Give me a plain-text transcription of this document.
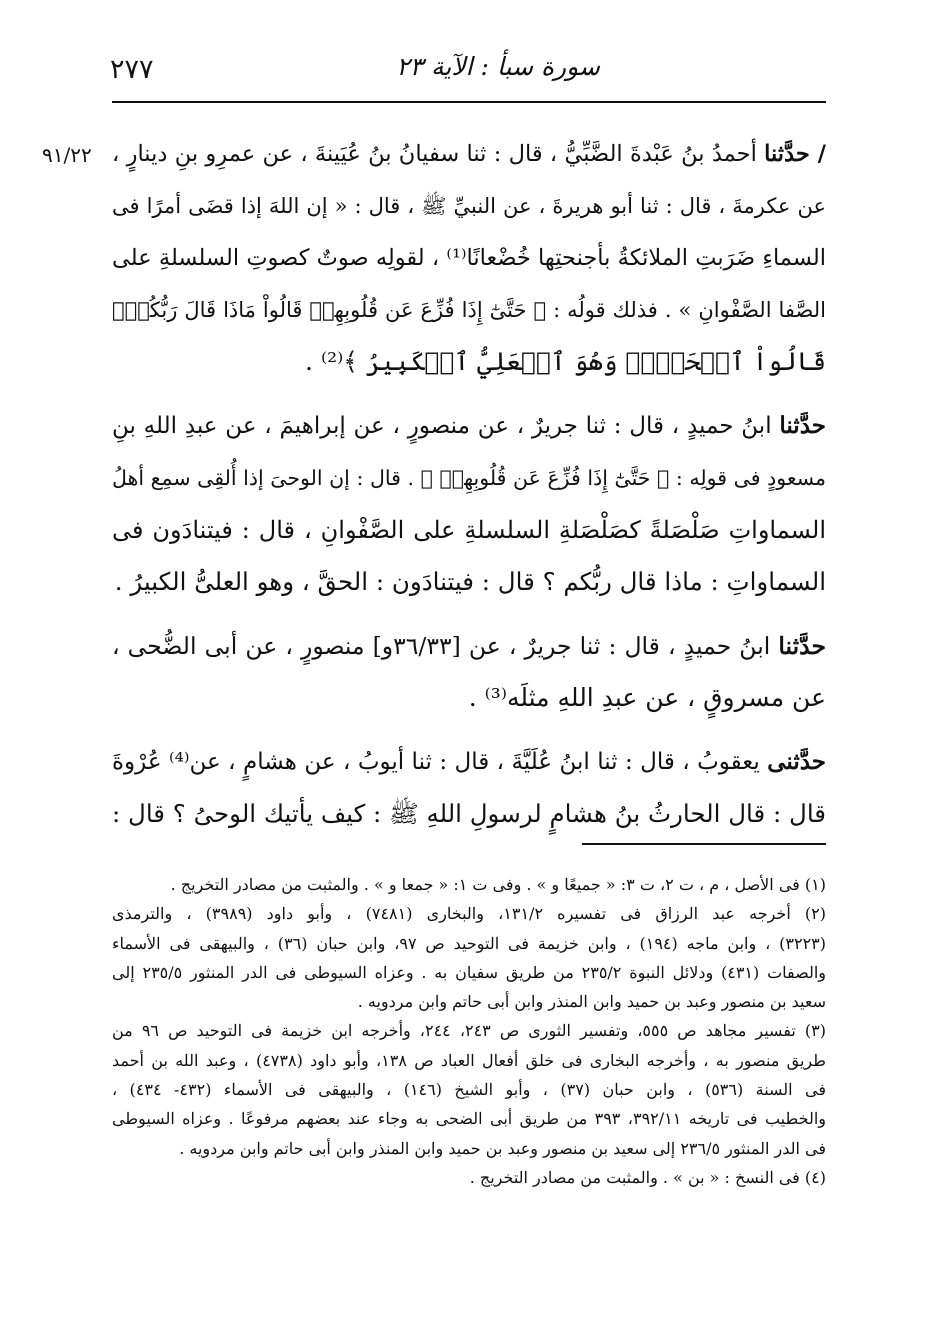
٢٧٧	سورة سبأ : الآية ٢٣
٩١/٢٢	/ حدَّثنا أحمدُ بنُ عَبْدةَ الضَّبِّيُّ ، قال : ثنا سفيانُ بنُ عُيَينةَ ، عن عمرِو بنِ دينارٍ ،
عن عكرمةَ ، قال : ثنا أبو هريرةَ ، عن النبيِّ ﷺ ، قال : « إن اللهَ إذا قضَى أمرًا فى
السماءِ ضَرَبتِ الملائكةُ بأجنحتِها خُضْعانًا⁽¹⁾ ، لقولِه صوتٌ كصوتِ السلسلةِ على
الصَّفا الصَّفْوانِ » . فذلك قولُه : ﴿ حَتَّىٰٓ إِذَا فُزِّعَ عَن قُلُوبِهِمۡ قَالُواْ مَاذَا قَالَ رَبُّكُمۡۖ
قَالُواْ ٱلۡحَقَّۖ وَهُوَ ٱلۡعَلِيُّ ٱلۡكَبِيرُ ﴾⁽²⁾ .
حدَّثنا ابنُ حميدٍ ، قال : ثنا جريرٌ ، عن منصورٍ ، عن إبراهيمَ ، عن عبدِ اللهِ بنِ
مسعودٍ فى قولِه : ﴿ حَتَّىٰٓ إِذَا فُزِّعَ عَن قُلُوبِهِمۡ ﴾ . قال : إن الوحىَ إذا أُلقِى سمِع أهلُ
السماواتِ صَلْصَلةً كصَلْصَلةِ السلسلةِ على الصَّفْوانِ ، قال : فيتنادَون فى
السماواتِ : ماذا قال ربُّكم ؟ قال : فيتنادَون : الحقَّ ، وهو العلىُّ الكبيرُ .
حدَّثنا ابنُ حميدٍ ، قال : ثنا جريرٌ ، عن [٣٦/٣٣و] منصورٍ ، عن أبى الضُّحى ،
عن مسروقٍ ، عن عبدِ اللهِ مثلَه⁽³⁾ .
حدَّثنى يعقوبُ ، قال : ثنا ابنُ عُلَيَّةَ ، قال : ثنا أيوبُ ، عن هشامٍ ، عن⁽⁴⁾ عُرْوةَ
قال : قال الحارثُ بنُ هشامٍ لرسولِ اللهِ ﷺ : كيف يأتيك الوحىُ ؟ قال :
(١) فى الأصل ، م ، ت ٢، ت ٣: « جميعًا و » . وفى ت ١: « جمعا و » . والمثبت من مصادر التخريج .
(٢) أخرجه عبد الرزاق فى تفسيره ١٣١/٢، والبخارى (٧٤٨١) ، وأبو داود (٣٩٨٩) ، والترمذى
(٣٢٢٣) ، وابن ماجه (١٩٤) ، وابن خزيمة فى التوحيد ص ٩٧، وابن حبان (٣٦) ، والبيهقى فى الأسماء
والصفات (٤٣١) ودلائل النبوة ٢٣٥/٢ من طريق سفيان به . وعزاه السيوطى فى الدر المنثور ٢٣٥/٥ إلى
سعيد بن منصور وعبد بن حميد وابن المنذر وابن أبى حاتم وابن مردويه .
(٣) تفسير مجاهد ص ٥٥٥، وتفسير الثورى ص ٢٤٣، ٢٤٤، وأخرجه ابن خزيمة فى التوحيد ص ٩٦ من
طريق منصور به ، وأخرجه البخارى فى خلق أفعال العباد ص ١٣٨، وأبو داود (٤٧٣٨) ، وعبد الله بن أحمد
فى السنة (٥٣٦) ، وابن حبان (٣٧) ، وأبو الشيخ (١٤٦) ، والبيهقى فى الأسماء (٤٣٢- ٤٣٤) ،
والخطيب فى تاريخه ٣٩٢/١١، ٣٩٣ من طريق أبى الضحى به وجاء عند بعضهم مرفوعًا . وعزاه السيوطى
فى الدر المنثور ٢٣٦/٥ إلى سعيد بن منصور وعبد بن حميد وابن المنذر وابن أبى حاتم وابن مردويه .
(٤) فى النسخ : « بن » . والمثبت من مصادر التخريج .
